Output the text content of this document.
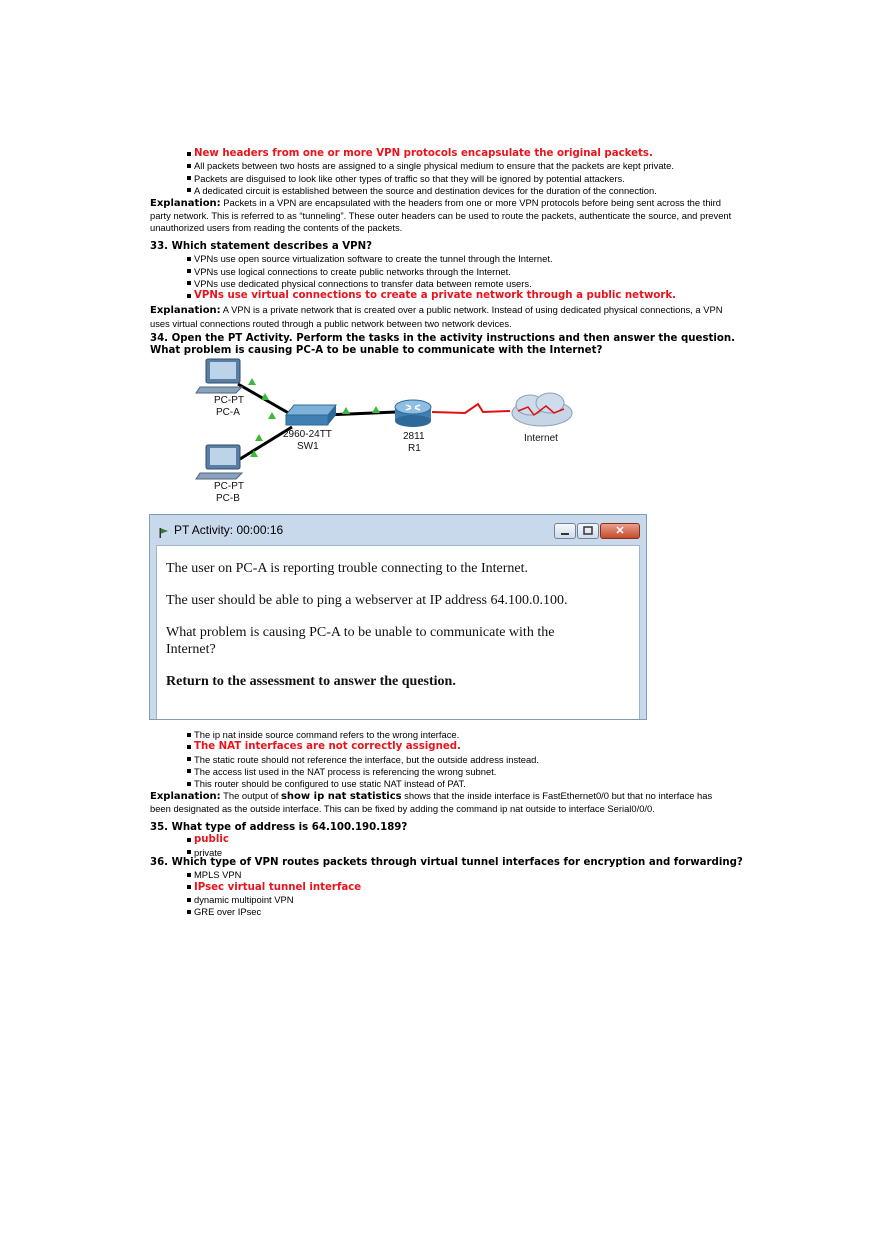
New headers from one or more VPN protocols encapsulate the original packets.
All packets between two hosts are assigned to a single physical medium to ensure that the packets are kept private.
Packets are disguised to look like other types of traffic so that they will be ignored by potential attackers.
A dedicated circuit is established between the source and destination devices for the duration of the connection.

Explanation: Packets in a VPN are encapsulated with the headers from one or more VPN protocols before being sent across the third party network. This is referred to as “tunneling”. These outer headers can be used to route the packets, authenticate the source, and prevent unauthorized users from reading the contents of the packets.

33. Which statement describes a VPN?

VPNs use open source virtualization software to create the tunnel through the Internet.
VPNs use logical connections to create public networks through the Internet.
VPNs use dedicated physical connections to transfer data between remote users.
VPNs use virtual connections to create a private network through a public network.

Explanation: A VPN is a private network that is created over a public network. Instead of using dedicated physical connections, a VPN uses virtual connections routed through a public network between two network devices.

34. Open the PT Activity. Perform the tasks in the activity instructions and then answer the question.

What problem is causing PC-A to be unable to communicate with the Internet?

PC-PT
PC-A
PC-PT
PC-B
2960-24TT
SW1
2811
R1
Internet
PT Activity: 00:00:16	✕

The user on PC-A is reporting trouble connecting to the Internet.

The user should be able to ping a webserver at IP address 64.100.0.100.

What problem is causing PC-A to be unable to communicate with the Internet?

Return to the assessment to answer the question.

The ip nat inside source command refers to the wrong interface.
The NAT interfaces are not correctly assigned.
The static route should not reference the interface, but the outside address instead.
The access list used in the NAT process is referencing the wrong subnet.
This router should be configured to use static NAT instead of PAT.

Explanation: The output of show ip nat statistics shows that the inside interface is FastEthernet0/0 but that no interface has been designated as the outside interface. This can be fixed by adding the command ip nat outside to interface Serial0/0/0.

35. What type of address is 64.100.190.189?

public
private

36. Which type of VPN routes packets through virtual tunnel interfaces for encryption and forwarding?

MPLS VPN
IPsec virtual tunnel interface
dynamic multipoint VPN
GRE over IPsec
